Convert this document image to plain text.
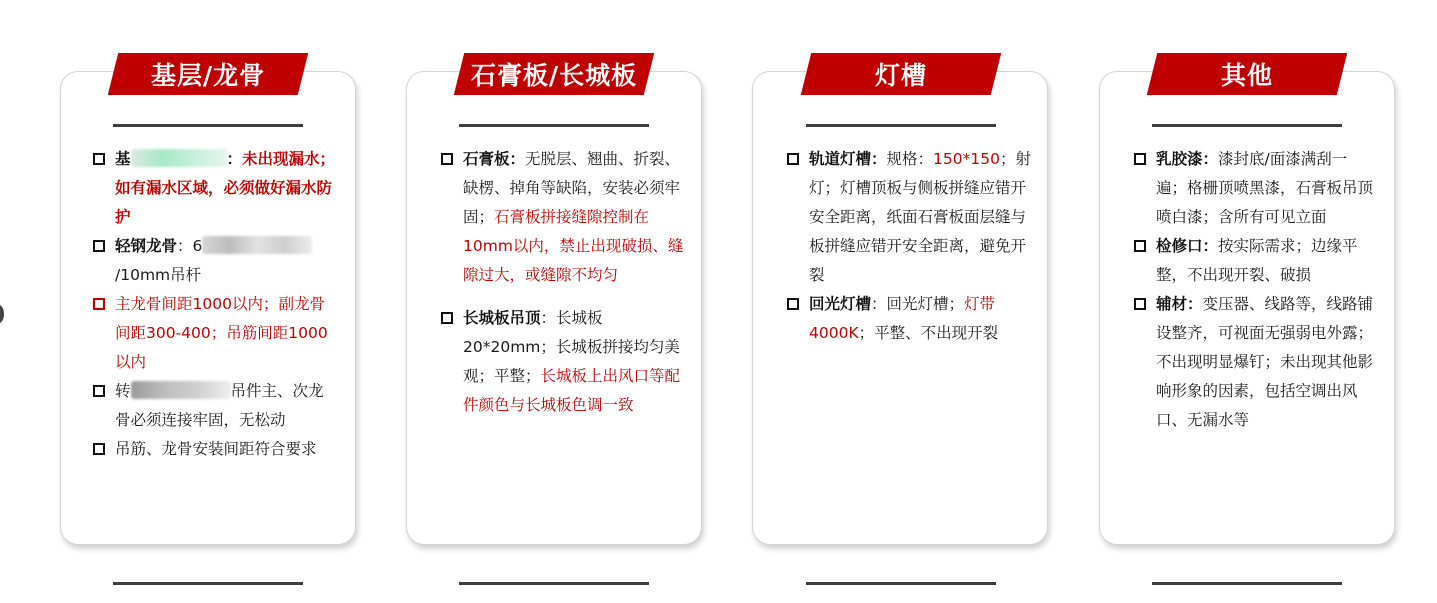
基层/龙骨
基	：未出现漏水；如有漏水区域，必须做好漏水防护
轻钢龙骨：6
/10mm吊杆
主龙骨间距1000以内；副龙骨间距300-400；吊筋间距1000以内
转	吊件主、次龙骨必须连接牢固，无松动
吊筋、龙骨安装间距符合要求
石膏板/长城板
石膏板：无脱层、翘曲、折裂、缺楞、掉角等缺陷，安装必须牢固；石膏板拼接缝隙控制在10mm以内，禁止出现破损、缝隙过大，或缝隙不均匀
长城板吊顶：长城板20*20mm；长城板拼接均匀美观；平整；长城板上出风口等配件颜色与长城板色调一致
灯槽
轨道灯槽：规格：150*150；射灯；灯槽顶板与侧板拼缝应错开安全距离，纸面石膏板面层缝与板拼缝应错开安全距离，避免开裂
回光灯槽：回光灯槽；灯带4000K；平整、不出现开裂
其他
乳胶漆：漆封底/面漆满刮一遍；格栅顶喷黑漆，石膏板吊顶喷白漆；含所有可见立面
检修口：按实际需求；边缘平整，不出现开裂、破损
辅材：变压器、线路等，线路铺设整齐，可视面无强弱电外露；不出现明显爆钉；未出现其他影响形象的因素，包括空调出风口、无漏水等
